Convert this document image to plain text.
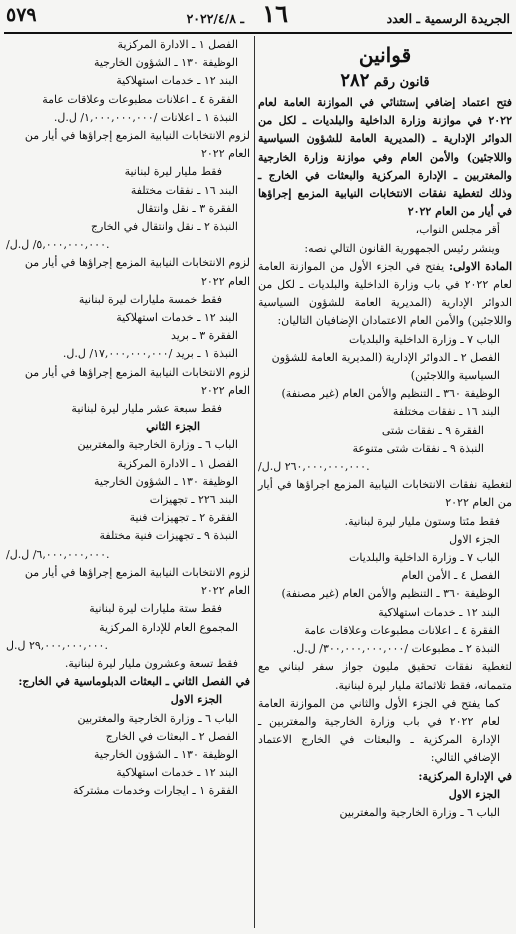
الجريدة الرسمية ـ العدد
١٦
ـ ٢٠٢٢/٤/٨
٥٧٩

قوانين

قانون رقم ٢٨٢

فتح اعتماد إضافي إستثنائي في الموازنة العامة لعام ٢٠٢٢ في موازنة وزارة الداخلية والبلديات ـ لكل من الدوائر الإدارية ـ (المديرية العامة للشؤون السياسية واللاجئين) والأمن العام وفي موازنة وزارة الخارجية والمغتربين ـ الإدارة المركزية والبعثات في الخارج ـ وذلك لتغطية نفقات الانتخابات النيابية المزمع إجراؤها في أيار من العام ٢٠٢٢

أقر مجلس النواب،

وينشر رئيس الجمهورية القانون التالي نصه:

المادة الاولى: يفتح في الجزء الأول من الموازنة العامة لعام ٢٠٢٢ في باب وزارة الداخلية والبلديات ـ لكل من الدوائر الإدارية (المديرية العامة للشؤون السياسية واللاجئين) والأمن العام الاعتمادان الإضافيان التاليان:

الباب ٧ ـ وزارة الداخلية والبلديات

الفصل ٢ ـ الدوائر الإدارية (المديرية العامة للشؤون السياسية واللاجئين)

الوظيفة ٣٦٠ ـ التنظيم والأمن العام (غير مصنفة)

البند ١٦ ـ نفقات مختلفة

الفقرة ٩ ـ نفقات شتى

النبذة ٩ ـ نفقات شتى متنوعة

/٢٦٠,٠٠٠,٠٠٠,٠٠٠ ل.ل.

لتغطية نفقات الانتخابات النيابية المزمع اجراؤها في أيار من العام ٢٠٢٢

فقط مئتا وستون مليار ليرة لبنانية.

الجزء الاول

الباب ٧ ـ وزارة الداخلية والبلديات

الفصل ٤ ـ الأمن العام

الوظيفة ٣٦٠ ـ التنظيم والأمن العام (غير مصنفة)

البند ١٢ ـ خدمات استهلاكية

الفقرة ٤ ـ اعلانات مطبوعات وعلاقات عامة

النبذة ٢ ـ مطبوعات /٣٠٠,٠٠٠,٠٠٠,٠٠٠/ ل.ل.

لتغطية نفقات تحقيق مليون جواز سفر لبناني مع متممانه، فقط ثلاثمائة مليار ليرة لبنانية.

كما يفتح في الجزء الأول والثاني من الموازنة العامة لعام ٢٠٢٢ في باب وزارة الخارجية والمغتربين ـ الإدارة المركزية ـ والبعثات في الخارج الاعتماد الإضافي التالي:

في الإدارة المركزية:

الجزء الاول

الباب ٦ ـ وزارة الخارجية والمغتربين

الفصل ١ ـ الادارة المركزية

الوظيفة ١٣٠ ـ الشؤون الخارجية

البند ١٢ ـ خدمات استهلاكية

الفقرة ٤ ـ اعلانات مطبوعات وعلاقات عامة

النبذة ١ ـ اعلانات /١,٠٠٠,٠٠٠,٠٠٠/ ل.ل.

لزوم الانتخابات النيابية المزمع إجراؤها في أيار من العام ٢٠٢٢

فقط مليار ليرة لبنانية

البند ١٦ ـ نفقات مختلفة

الفقرة ٣ ـ نقل وانتقال

النبذة ٢ ـ نقل وانتقال في الخارج

/٥,٠٠٠,٠٠٠,٠٠٠/ ل.ل.

لزوم الانتخابات النيابية المزمع إجراؤها في أيار من العام ٢٠٢٢

فقط خمسة مليارات ليرة لبنانية

البند ١٢ ـ خدمات استهلاكية

الفقرة ٣ ـ بريد

النبذة ١ ـ بريد /١٧,٠٠٠,٠٠٠,٠٠٠/ ل.ل.

لزوم الانتخابات النيابية المزمع إجراؤها في أيار من العام ٢٠٢٢

فقط سبعة عشر مليار ليرة لبنانية

الجزء الثاني

الباب ٦ ـ وزارة الخارجية والمغتربين

الفصل ١ ـ الادارة المركزية

الوظيفة ١٣٠ ـ الشؤون الخارجية

البند ٢٢٦ ـ تجهيزات

الفقرة ٢ ـ تجهيزات فنية

النبذة ٩ ـ تجهيزات فنية مختلفة

/٦,٠٠٠,٠٠٠,٠٠٠/ ل.ل.

لزوم الانتخابات النيابية المزمع إجراؤها في أيار من العام ٢٠٢٢

فقط ستة مليارات ليرة لبنانية

المجموع العام للإدارة المركزية

٢٩,٠٠٠,٠٠٠,٠٠٠ ل.ل.

فقط تسعة وعشرون مليار ليرة لبنانية.

في الفصل الثاني ـ البعثات الدبلوماسية في الخارج:

الجزء الاول

الباب ٦ ـ وزارة الخارجية والمغتربين

الفصل ٢ ـ البعثات في الخارج

الوظيفة ١٣٠ ـ الشؤون الخارجية

البند ١٢ ـ خدمات استهلاكية

الفقرة ١ ـ ايجارات وخدمات مشتركة
